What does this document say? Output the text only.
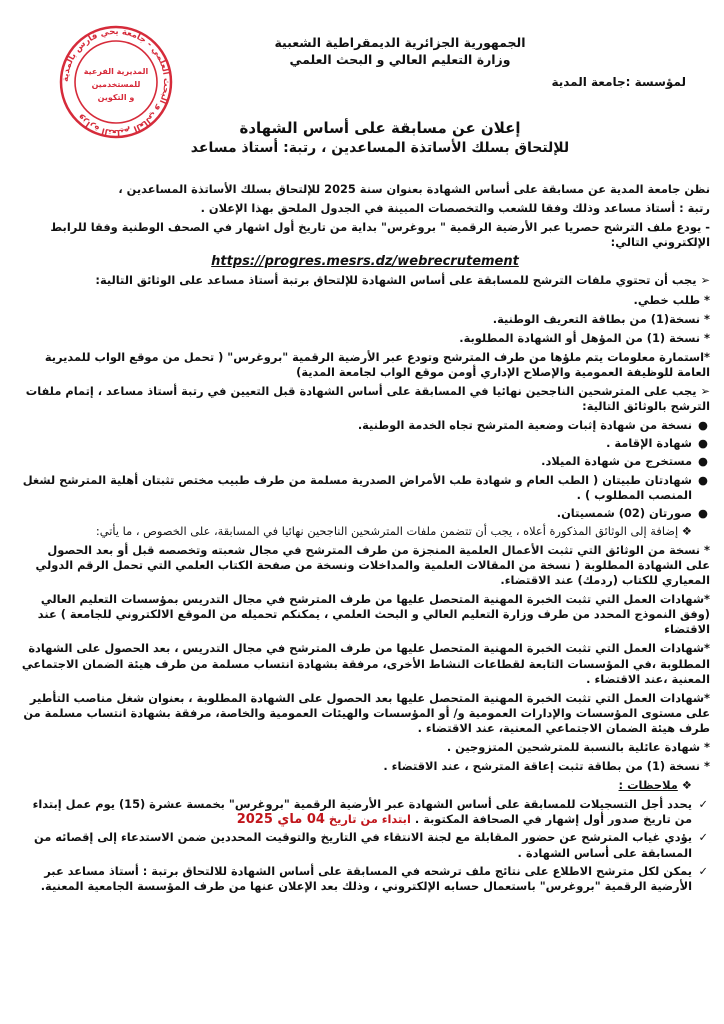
وزارة التعليم العالي و البحث العلمي - جامعة يحي فارس بالمدية
المديرية الفرعية
للمستخدمين
و التكوين
الجمهورية الجزائرية الديمقراطية الشعبية
وزارة التعليم العالي و البحث العلمي
لمؤسسة :جامعة المدية
إعلان عن مسابقة على أساس الشهادة
للإلتحاق بسلك الأساتذة المساعدين ، رتبة: أستاذ مساعد

نظن جامعة المدية عن مسابقة على أساس الشهادة بعنوان سنة 2025 للإلتحاق بسلك الأساتذة المساعدين ،

رتبة : أستاذ مساعد وذلك وفقا للشعب والتخصصات المبينة في الجدول الملحق بهذا الإعلان .

- يودع ملف الترشح حصريا عبر الأرضية الرقمية " بروغرس" بداية من تاريخ أول اشهار في الصحف الوطنية وفقا للرابط الإلكتروني التالي:

https://progres.mesrs.dz/webrecrutement

➢ يجب أن تحتوي ملفات الترشح للمسابقة على أساس الشهادة للإلتحاق برتبة أستاذ مساعد على الوثائق التالية:

* طلب خطي.

* نسخة(1) من بطاقة التعريف الوطنية.

* نسخة (1) من المؤهل أو الشهادة المطلوبة.

*استمارة معلومات يتم ملؤها من طرف المترشح وتودع عبر الأرضية الرقمية "بروغرس" ( تحمل من موقع الواب للمديرية العامة للوظيفة العمومية والإصلاح الإداري أومن موقع الواب لجامعة المدية)

➢ يجب على المترشحين الناجحين نهائيا في المسابقة على أساس الشهادة قبل التعيين في رتبة أستاذ مساعد ، إتمام ملفات الترشح بالوثائق التالية:

●
نسخة من شهادة إثبات وضعية المترشح تجاه الخدمة الوطنية.
●
شهادة الإقامة .
●
مستخرج من شهادة الميلاد.
●
شهادتان طبيتان ( الطب العام و شهادة طب الأمراض الصدرية مسلمة من طرف طبيب مختص تثبتان أهلية المترشح لشغل المنصب المطلوب ) .
●
صورتان (02) شمسيتان.

❖ إضافة إلى الوثائق المذكورة أعلاه ، يجب أن تتضمن ملفات المترشحين الناجحين نهائيا في المسابقة، على الخصوص ، ما يأتي:

* نسخة من الوثائق التي تثبت الأعمال العلمية المنجزة من طرف المترشح في مجال شعبته وتخصصه قبل أو بعد الحصول على الشهادة المطلوبة ( نسخة من المقالات العلمية والمداخلات ونسخة من صفحة الكتاب العلمي التي تحمل الرقم الدولي المعياري للكتاب (ردمك) عند الاقتضاء.

*شهادات العمل التي تثبت الخبرة المهنية المتحصل عليها من طرف المترشح في مجال التدريس بمؤسسات التعليم العالي (وفق النموذج المحدد من طرف وزارة التعليم العالي و البحث العلمي ، يمكنكم تحميله من الموقع الالكتروني للجامعة ) عند الاقتضاء

*شهادات العمل التي تثبت الخبرة المهنية المتحصل عليها من طرف المترشح في مجال التدريس ، بعد الحصول على الشهادة المطلوبة ،في المؤسسات التابعة لقطاعات النشاط الأخرى، مرفقة بشهادة انتساب مسلمة من طرف هيئة الضمان الاجتماعي المعنية ،عند الاقتضاء .

*شهادات العمل التي تثبت الخبرة المهنية المتحصل عليها بعد الحصول على الشهادة المطلوبة ، بعنوان شغل مناصب التأطير على مستوى المؤسسات والإدارات العمومية و/ أو المؤسسات والهيئات العمومية والخاصة، مرفقة بشهادة انتساب مسلمة من طرف هيئة الضمان الاجتماعي المعنية، عند الاقتضاء .

* شهادة عائلية بالنسبة للمترشحين المتزوجين .

* نسخة (1) من بطاقة تثبت إعاقة المترشح ، عند الاقتضاء .

❖ ملاحظات :

✓
يحدد أجل التسجيلات للمسابقة على أساس الشهادة عبر الأرضية الرقمية "بروغرس" بخمسة عشرة (15) يوم عمل إبتداء من تاريخ صدور أول إشهار في الصحافة المكتوبة . ابتداء من تاريخ 04 ماي 2025
✓
يؤدي غياب المترشح عن حضور المقابلة مع لجنة الانتقاء في التاريخ والتوقيت المحددين ضمن الاستدعاء إلى إقصائه من المسابقة على أساس الشهادة .
✓
يمكن لكل مترشح الاطلاع على نتائج ملف ترشحه في المسابقة على أساس الشهادة للالتحاق برتبة : أستاذ مساعد عبر الأرضية الرقمية "بروغرس" باستعمال حسابه الإلكتروني ، وذلك بعد الإعلان عنها من طرف المؤسسة الجامعية المعنية.
